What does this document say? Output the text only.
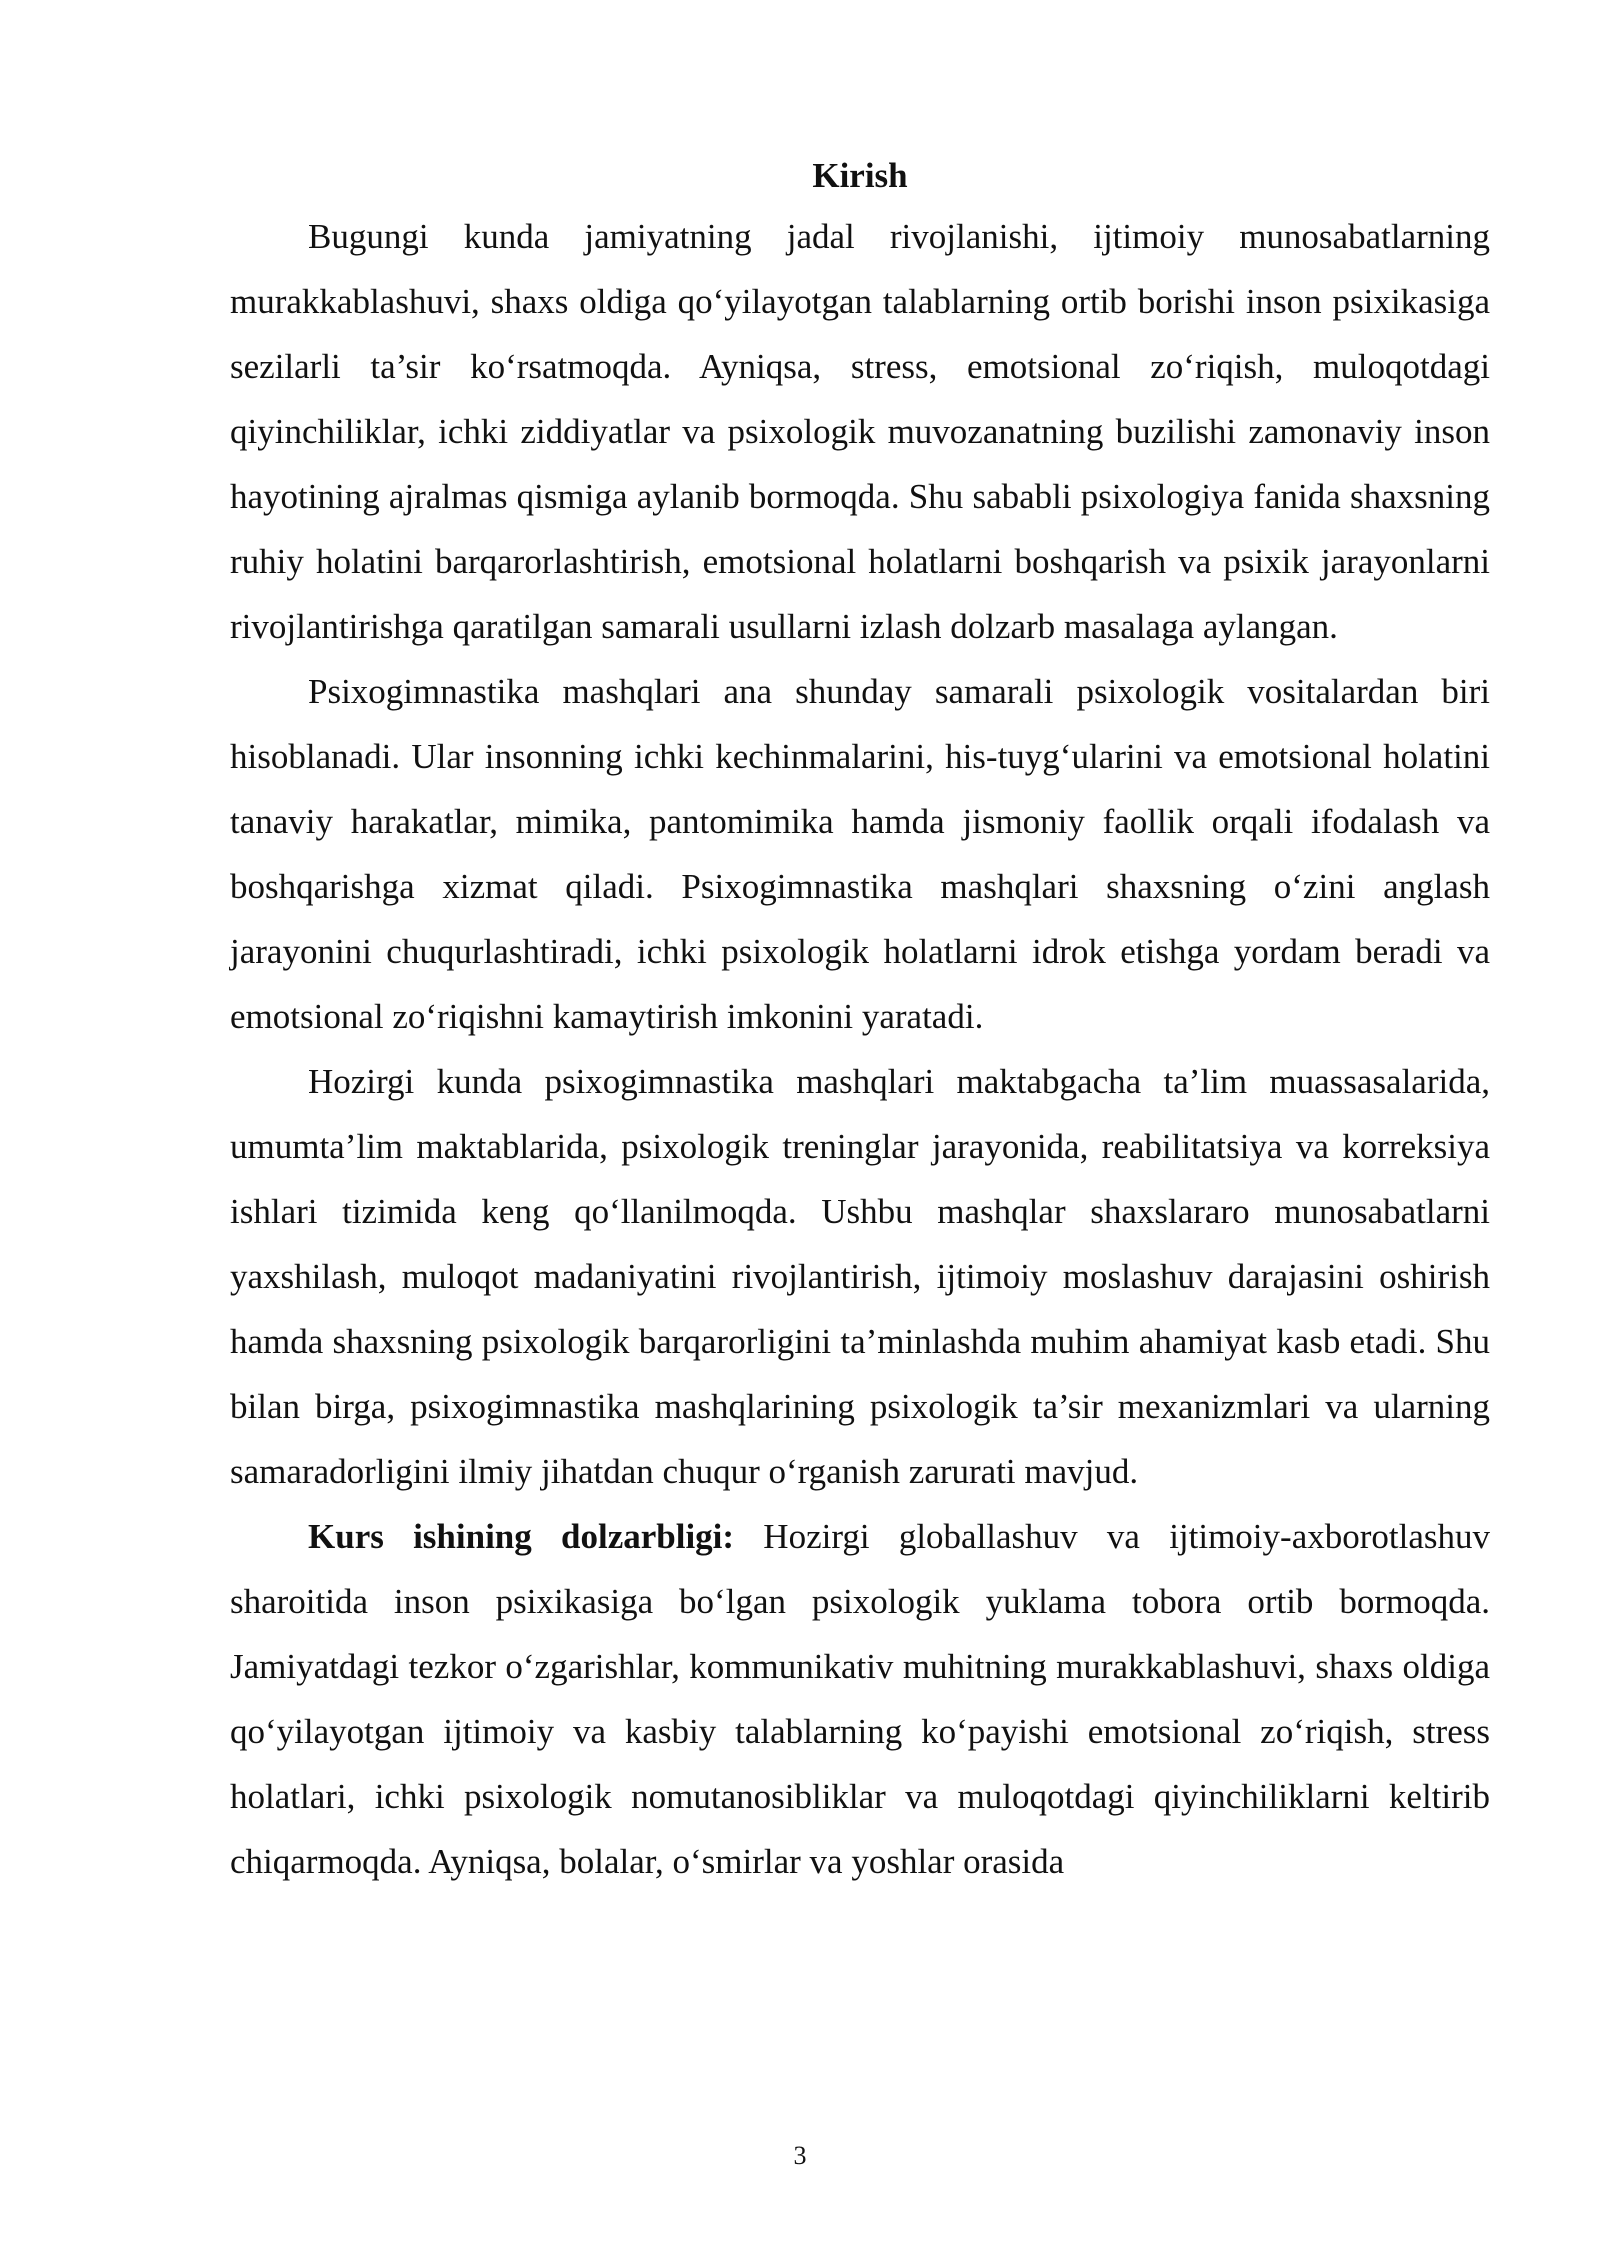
Kirish

Bugungi kunda jamiyatning jadal rivojlanishi, ijtimoiy munosabatlarning murakkablashuvi, shaxs oldiga qo‘yilayotgan talablarning ortib borishi inson psixikasiga sezilarli ta’sir ko‘rsatmoqda. Ayniqsa, stress, emotsional zo‘riqish, muloqotdagi qiyinchiliklar, ichki ziddiyatlar va psixologik muvozanatning buzilishi zamonaviy inson hayotining ajralmas qismiga aylanib bormoqda. Shu sababli psixologiya fanida shaxsning ruhiy holatini barqarorlashtirish, emotsional holatlarni boshqarish va psixik jarayonlarni rivojlantirishga qaratilgan samarali usullarni izlash dolzarb masalaga aylangan.

Psixogimnastika mashqlari ana shunday samarali psixologik vositalardan biri hisoblanadi. Ular insonning ichki kechinmalarini, his-tuyg‘ularini va emotsional holatini tanaviy harakatlar, mimika, pantomimika hamda jismoniy faollik orqali ifodalash va boshqarishga xizmat qiladi. Psixogimnastika mashqlari shaxsning o‘zini anglash jarayonini chuqurlashtiradi, ichki psixologik holatlarni idrok etishga yordam beradi va emotsional zo‘riqishni kamaytirish imkonini yaratadi.

Hozirgi kunda psixogimnastika mashqlari maktabgacha ta’lim muassasalarida, umumta’lim maktablarida, psixologik treninglar jarayonida, reabilitatsiya va korreksiya ishlari tizimida keng qo‘llanilmoqda. Ushbu mashqlar shaxslararo munosabatlarni yaxshilash, muloqot madaniyatini rivojlantirish, ijtimoiy moslashuv darajasini oshirish hamda shaxsning psixologik barqarorligini ta’minlashda muhim ahamiyat kasb etadi. Shu bilan birga, psixogimnastika mashqlarining psixologik ta’sir mexanizmlari va ularning samaradorligini ilmiy jihatdan chuqur o‘rganish zarurati mavjud.

Kurs ishining dolzarbligi: Hozirgi globallashuv va ijtimoiy-axborotlashuv sharoitida inson psixikasiga bo‘lgan psixologik yuklama tobora ortib bormoqda. Jamiyatdagi tezkor o‘zgarishlar, kommunikativ muhitning murakkablashuvi, shaxs oldiga qo‘yilayotgan ijtimoiy va kasbiy talablarning ko‘payishi emotsional zo‘riqish, stress holatlari, ichki psixologik nomutanosibliklar va muloqotdagi qiyinchiliklarni keltirib chiqarmoqda. Ayniqsa, bolalar, o‘smirlar va yoshlar orasida

3
